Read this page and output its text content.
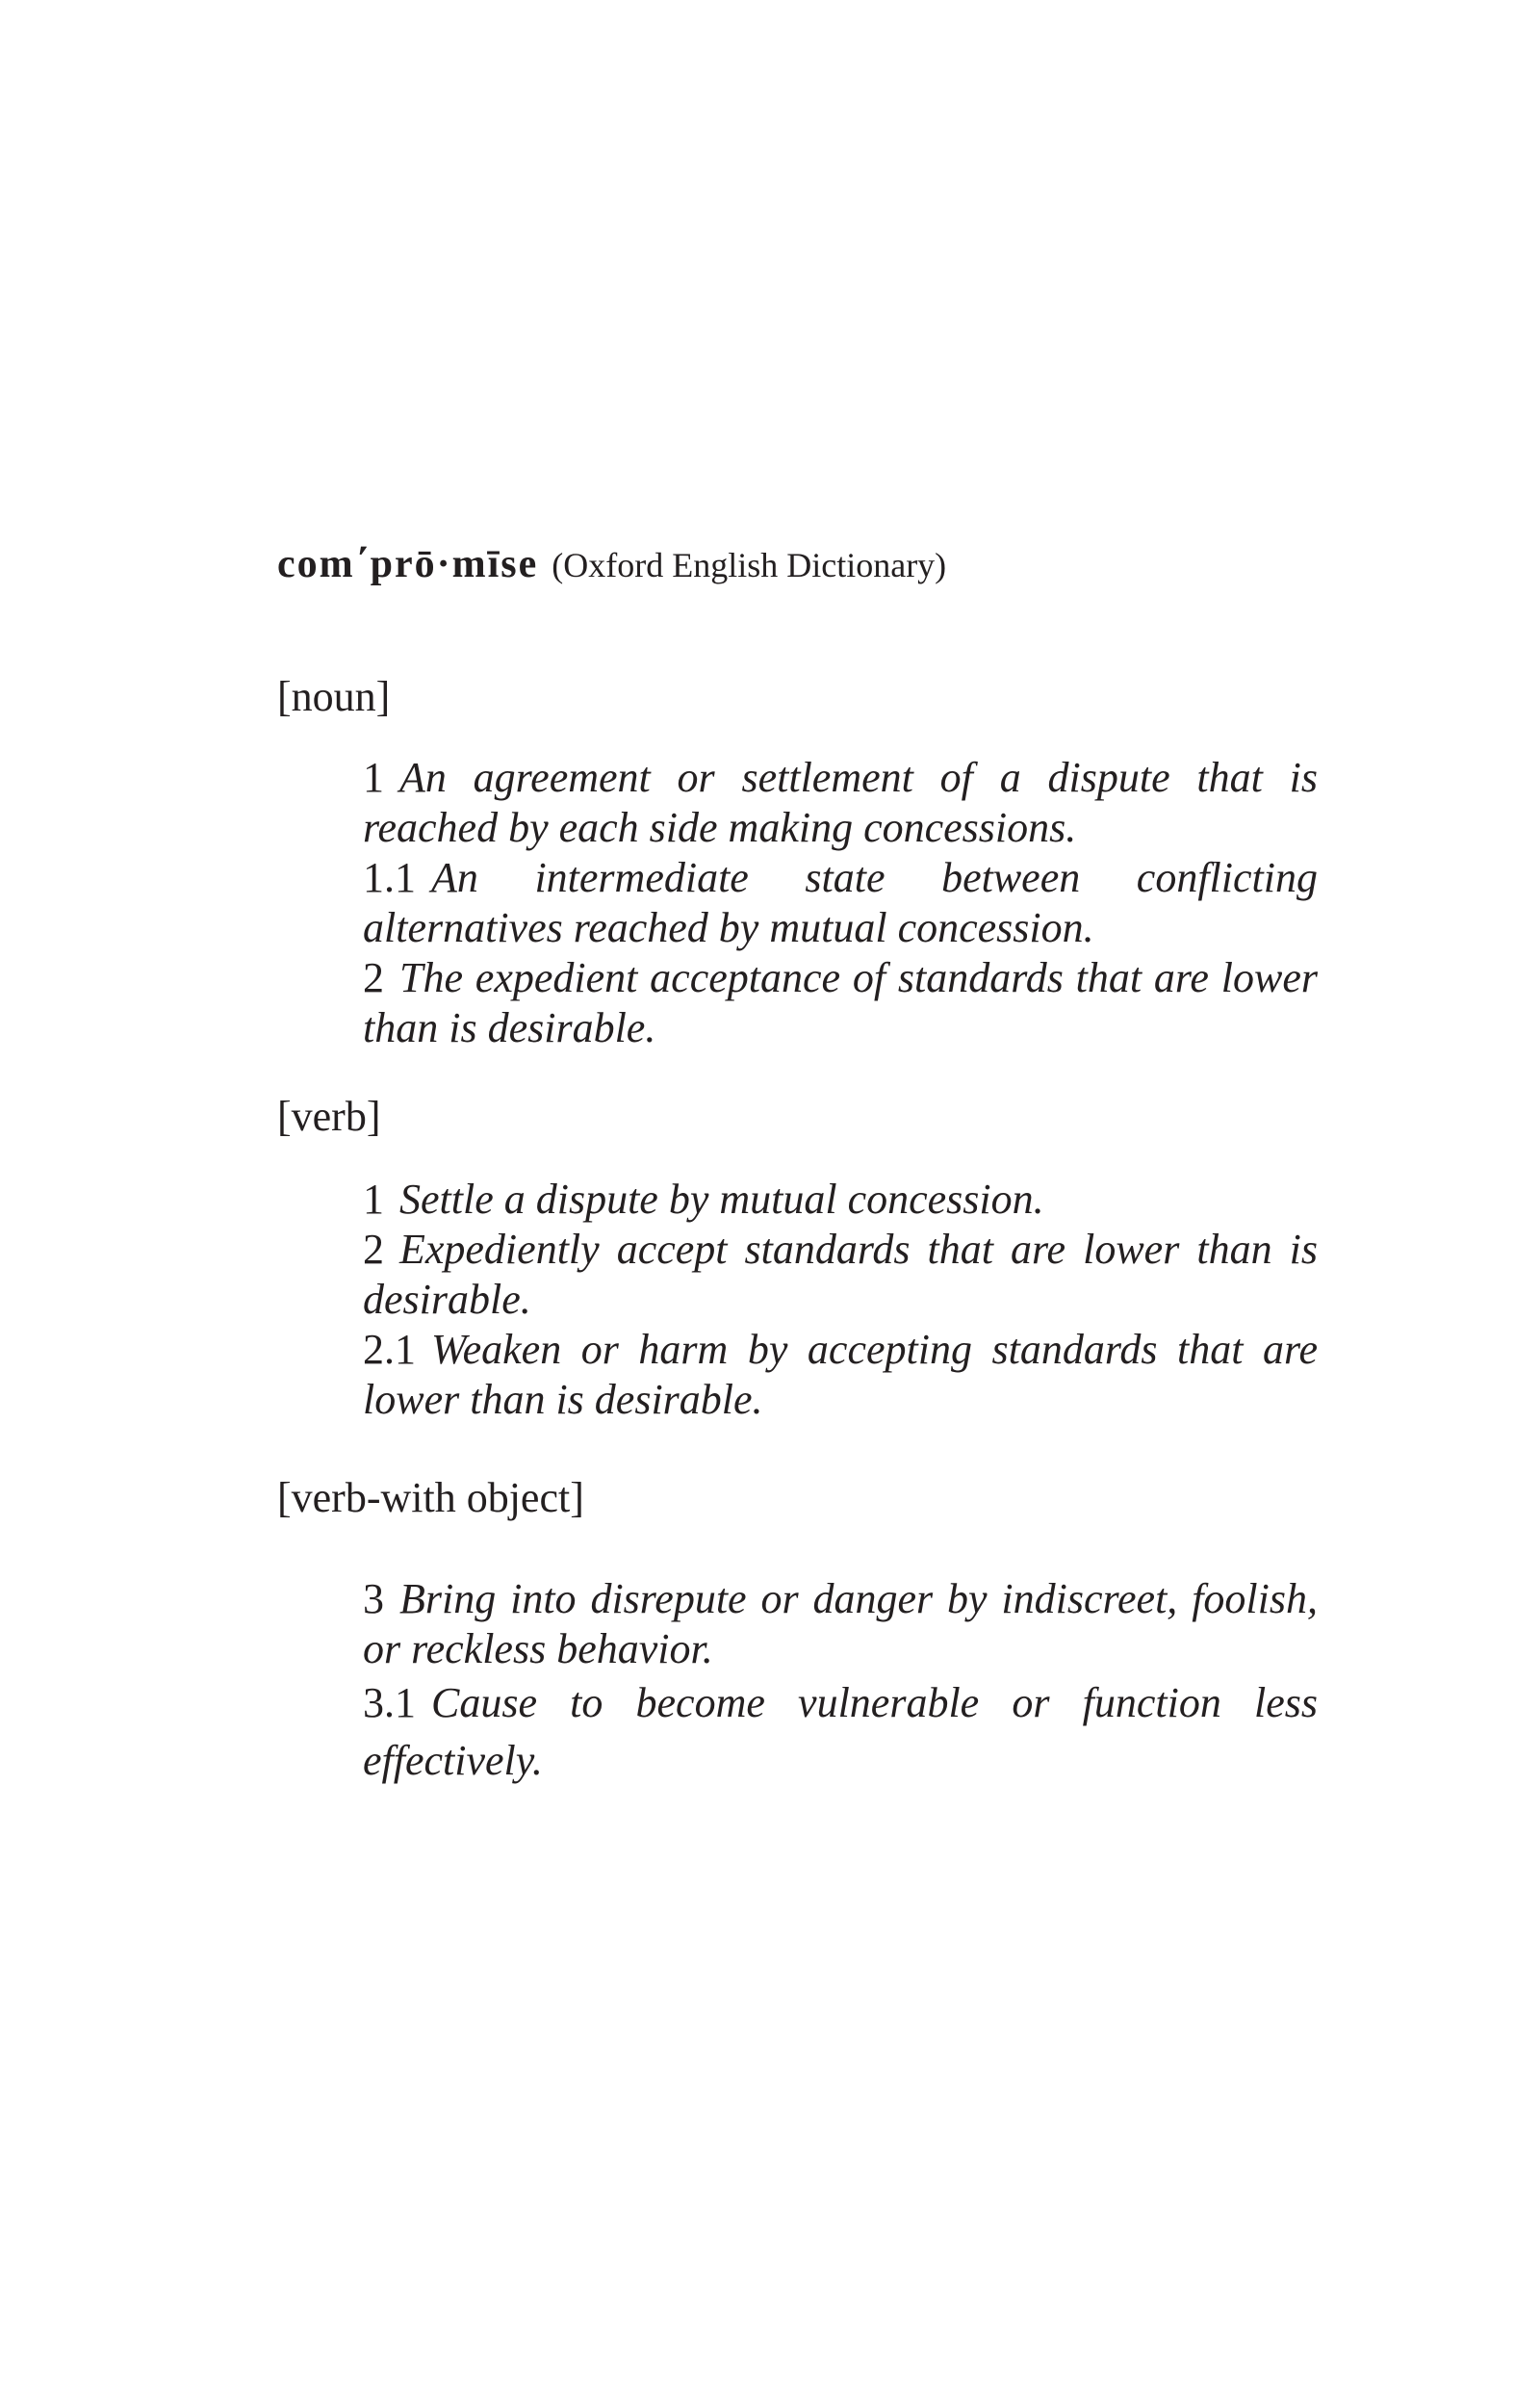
com΄prō·mīse (Oxford English Dictionary)
[noun]

1 An agreement or settlement of a dispute that is reached by each side making concessions.

1.1 An intermediate state between conflicting alternatives reached by mutual concession.

2 The expedient acceptance of standards that are lower than is desirable.

[verb]

1 Settle a dispute by mutual concession.

2 Expediently accept standards that are lower than is desirable.

2.1 Weaken or harm by accepting standards that are lower than is desirable.

[verb-with object]

3 Bring into disrepute or danger by indiscreet, foolish, or reckless behavior.

3.1 Cause to become vulnerable or function less effectively.
